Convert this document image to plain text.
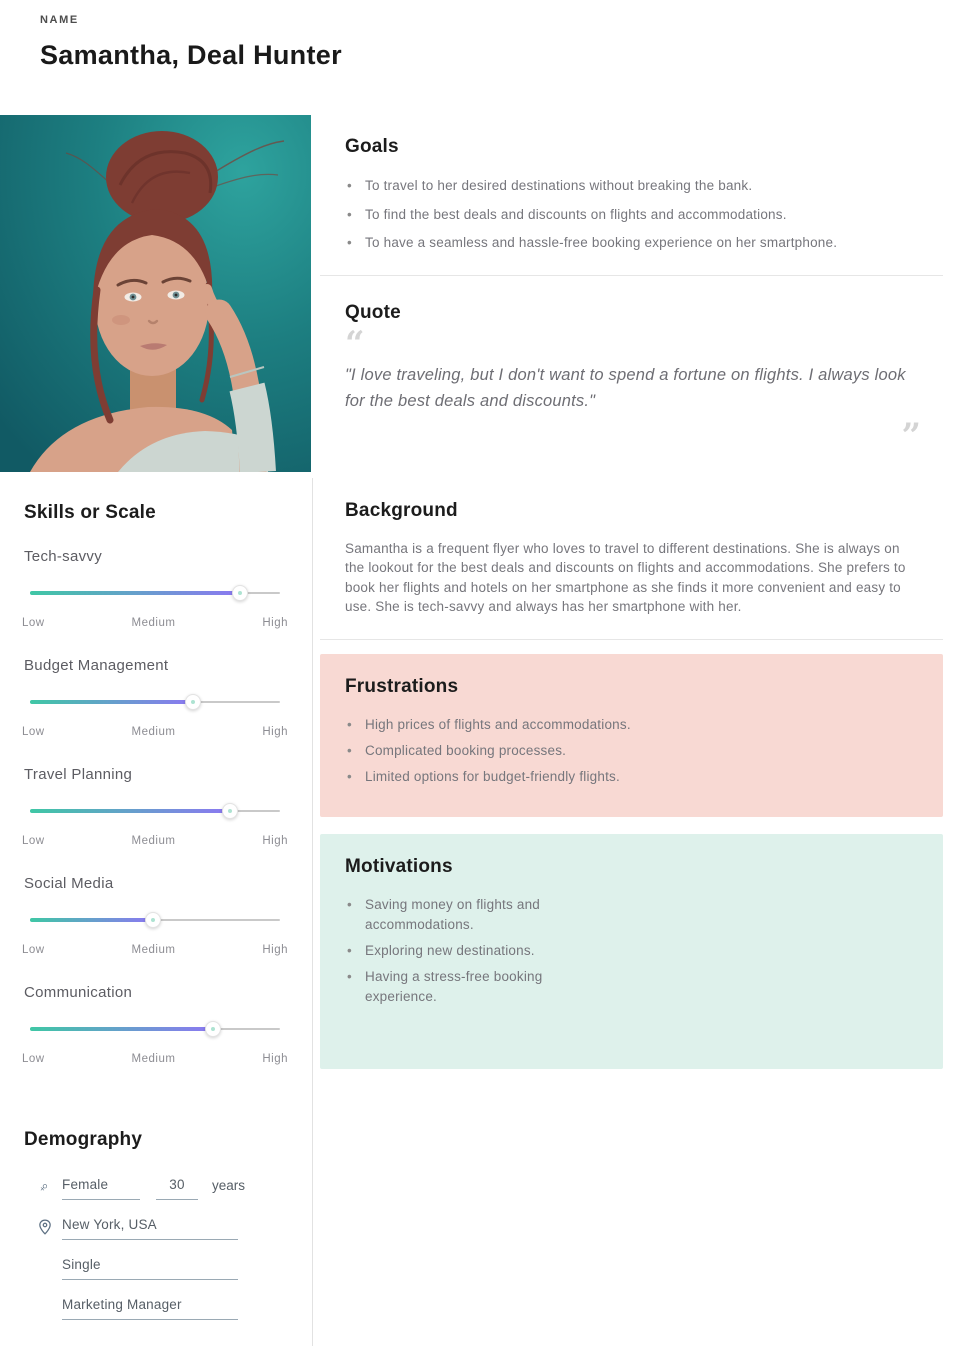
NAME
Samantha, Deal Hunter
Skills or Scale
Tech-savvy
Low	Medium	High
Budget Management
Low	Medium	High
Travel Planning
Low	Medium	High
Social Media
Low	Medium	High
Communication
Low	Medium	High
Demography
♀
Female
30	years
New York, USA
Single
Marketing Manager
Goals
• To travel to her desired destinations without breaking the bank.
• To find the best deals and discounts on flights and accommodations.
• To have a seamless and hassle-free booking experience on her smartphone.
Quote
“
"I love traveling, but I don't want to spend a fortune on flights. I always look for the best deals and discounts."
”
Background
Samantha is a frequent flyer who loves to travel to different destinations. She is always on the lookout for the best deals and discounts on flights and accommodations. She prefers to book her flights and hotels on her smartphone as she finds it more convenient and easy to use. She is tech-savvy and always has her smartphone with her.
Frustrations
• High prices of flights and accommodations.
• Complicated booking processes.
• Limited options for budget-friendly flights.
Motivations
• Saving money on flights and accommodations.
• Exploring new destinations.
• Having a stress-free booking experience.
